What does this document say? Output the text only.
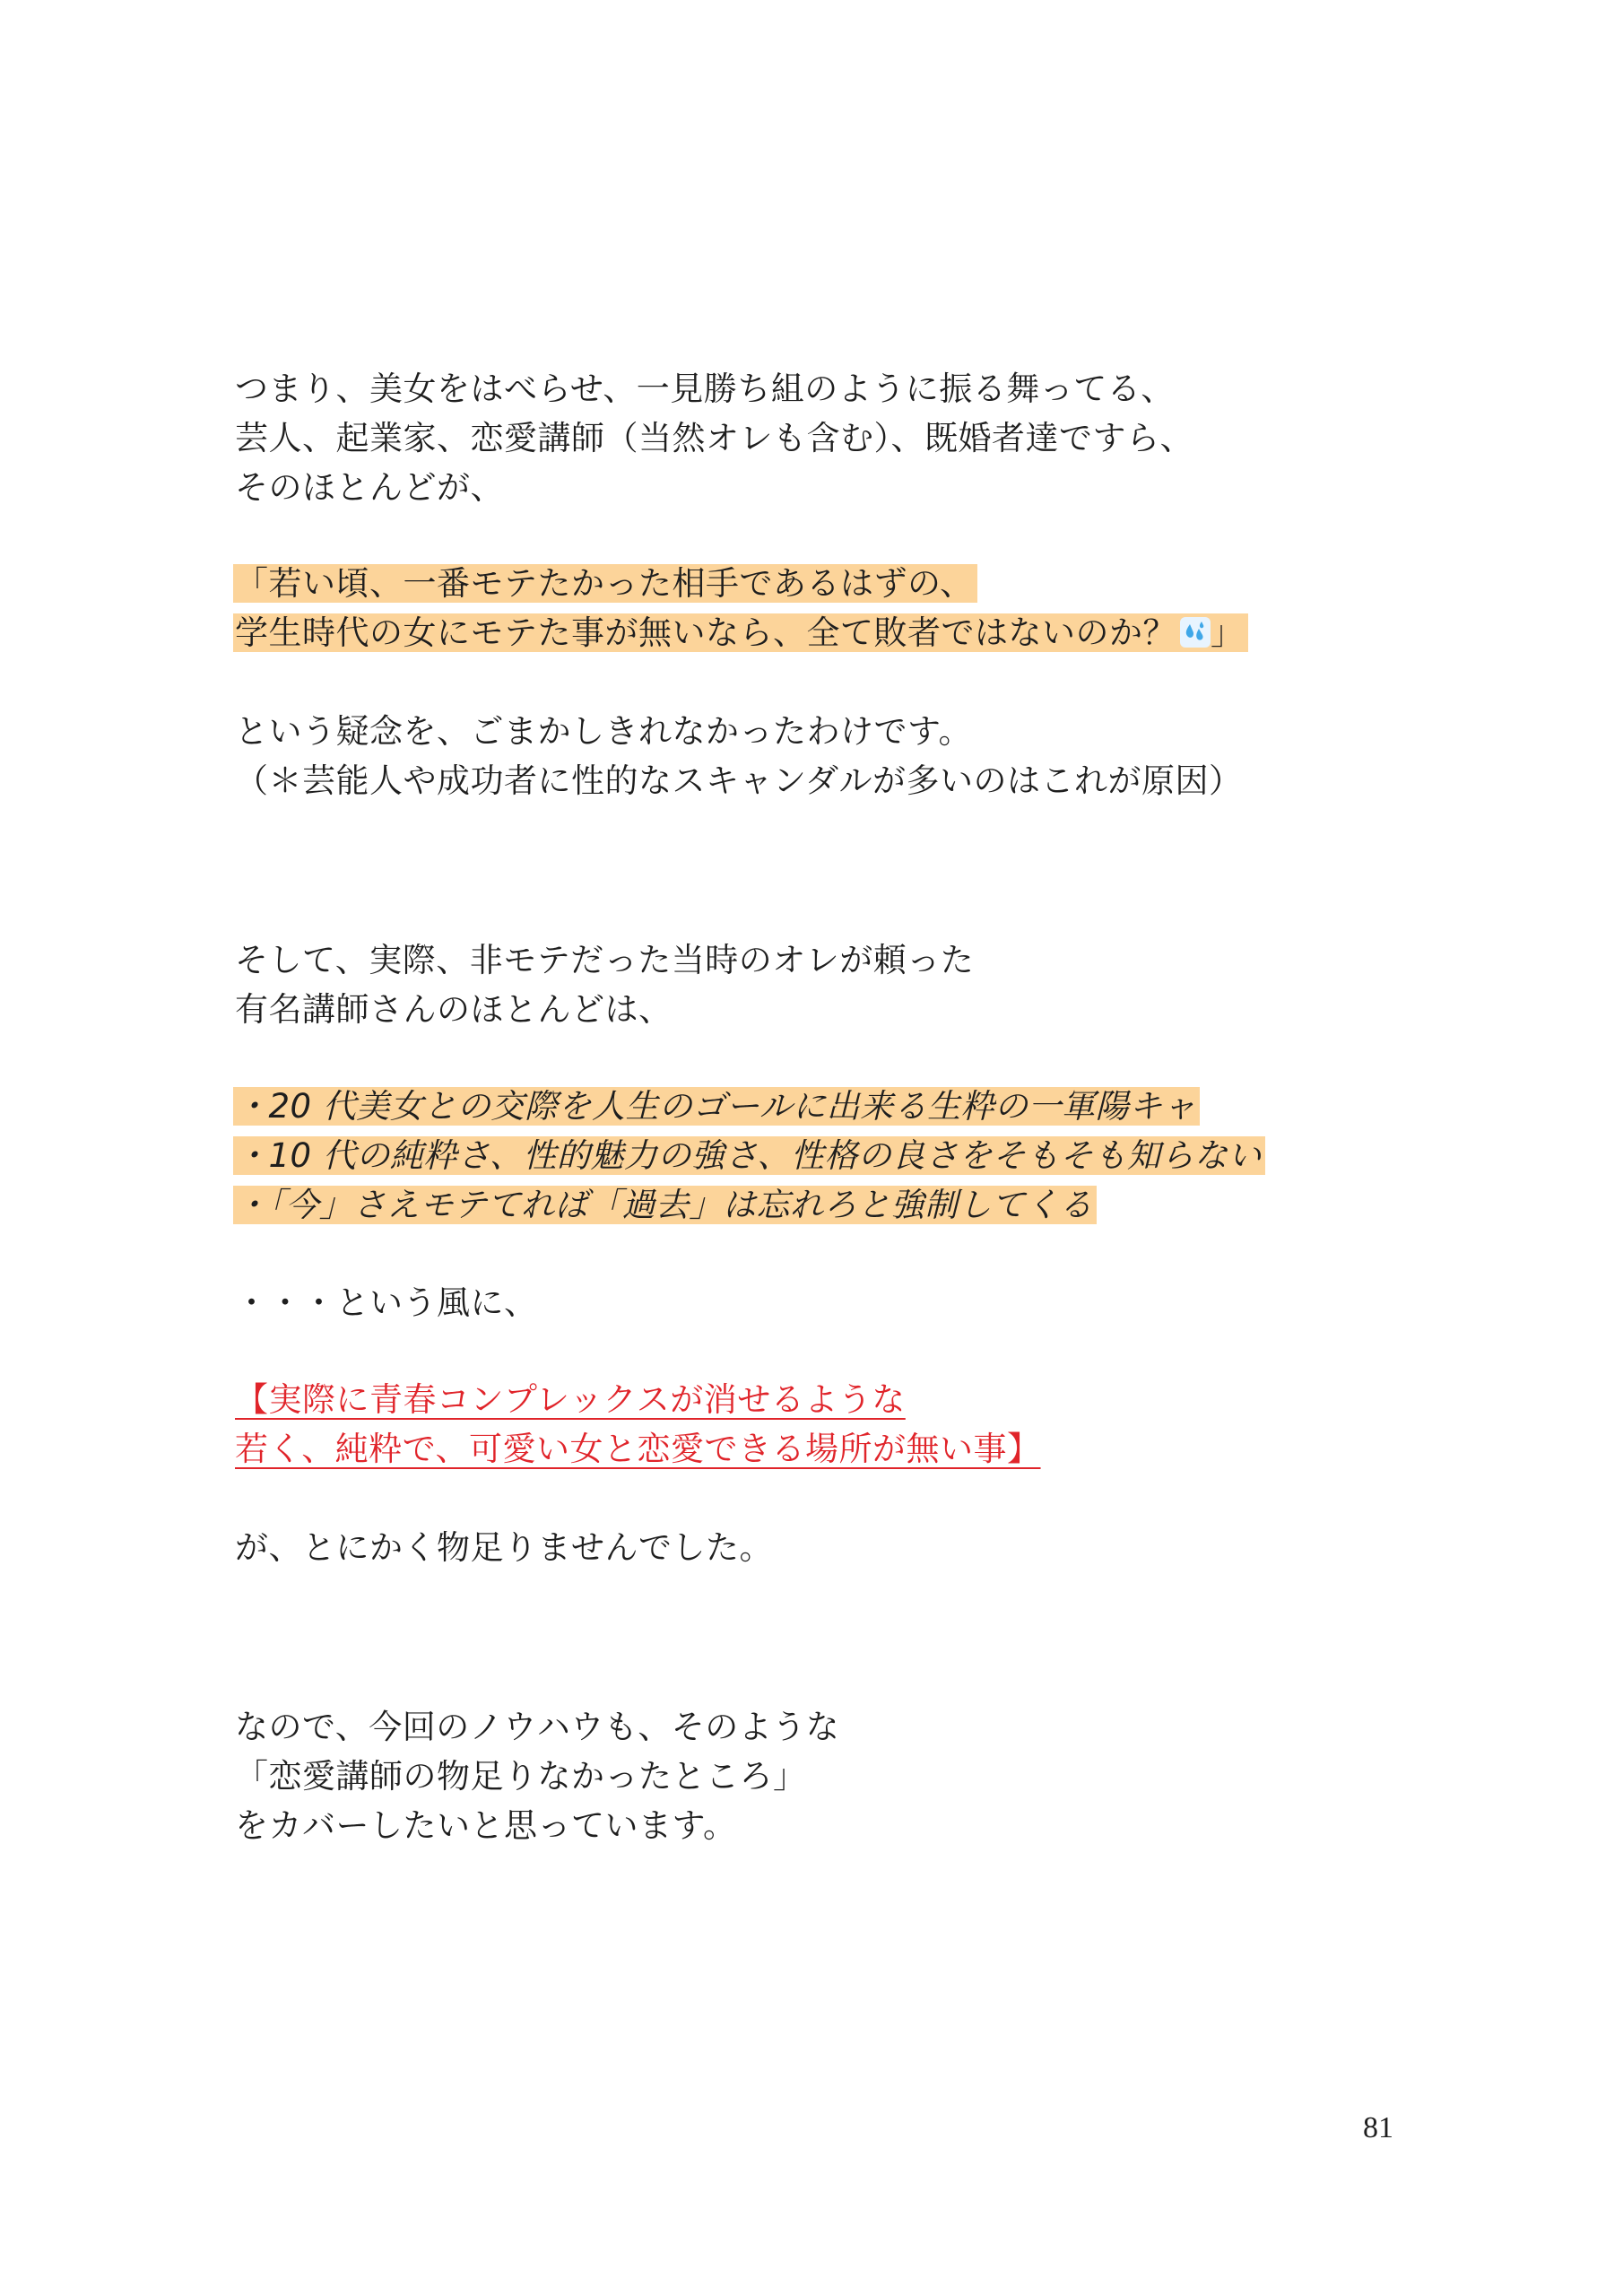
つまり、美女をはべらせ、一見勝ち組のように振る舞ってる、
芸人、起業家、恋愛講師（当然オレも含む）、既婚者達ですら、
そのほとんどが、
「若い頃、一番モテたかった相手であるはずの、
学生時代の女にモテた事が無いなら、全て敗者ではないのか？ 」
という疑念を、ごまかしきれなかったわけです。
（＊芸能人や成功者に性的なスキャンダルが多いのはこれが原因）
そして、実際、非モテだった当時のオレが頼った
有名講師さんのほとんどは、
・20 代美女との交際を人生のゴールに出来る生粋の一軍陽キャ
・10 代の純粋さ、性的魅力の強さ、性格の良さをそもそも知らない
・「今」さえモテてれば「過去」は忘れろと強制してくる
・・・という風に、
【実際に青春コンプレックスが消せるような
若く、純粋で、可愛い女と恋愛できる場所が無い事】
が、とにかく物足りませんでした。
なので、今回のノウハウも、そのような
「恋愛講師の物足りなかったところ」
をカバーしたいと思っています。
81
